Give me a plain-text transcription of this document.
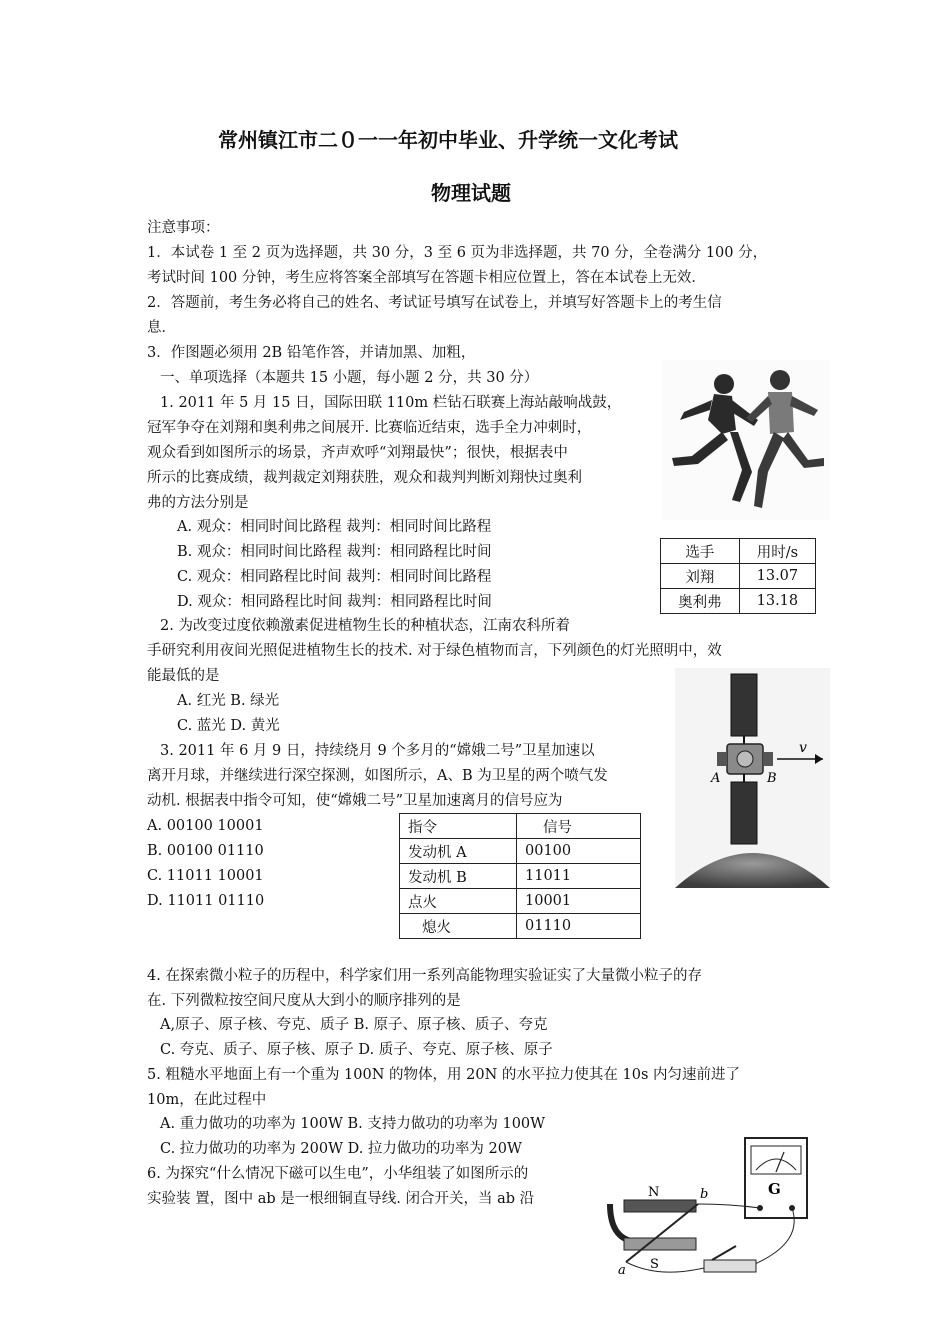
常州镇江市二０一一年初中毕业、升学统一文化考试
物理试题
注意事项：
1．本试卷 1 至 2 页为选择题，共 30 分，3 至 6 页为非选择题，共 70 分，全卷满分 100 分，
考试时间 100 分钟，考生应将答案全部填写在答题卡相应位置上，答在本试卷上无效．
2．答题前，考生务必将自己的姓名、考试证号填写在试卷上，并填写好答题卡上的考生信
息．
3．作图题必须用 2B 铅笔作答，并请加黑、加粗，
一、单项选择（本题共 15 小题，每小题 2 分，共 30 分）
1. 2011 年 5 月 15 日，国际田联 110m 栏钻石联赛上海站敲响战鼓，
冠军争夺在刘翔和奥利弗之间展开. 比赛临近结束，选手全力冲刺时，
观众看到如图所示的场景，齐声欢呼“刘翔最快”；很快，根据表中
所示的比赛成绩，裁判裁定刘翔获胜，观众和裁判判断刘翔快过奥利
弗的方法分别是
A. 观众：相同时间比路程 裁判：相同时间比路程
B. 观众：相同时间比路程 裁判：相同路程比时间
C. 观众：相同路程比时间 裁判：相同时间比路程
D. 观众：相同路程比时间 裁判：相同路程比时间
选手	用时/s
刘翔	13.07
奥利弗	13.18
2. 为改变过度依赖激素促进植物生长的种植状态，江南农科所着
手研究利用夜间光照促进植物生长的技术. 对于绿色植物而言，下列颜色的灯光照明中，效
能最低的是
A. 红光 B. 绿光
C. 蓝光 D. 黄光
3. 2011 年 6 月 9 日，持续绕月 9 个多月的“嫦娥二号”卫星加速以
离开月球，并继续进行深空探测，如图所示，A、B 为卫星的两个喷气发
动机. 根据表中指令可知，使“嫦娥二号”卫星加速离月的信号应为
A. 00100 10001
B. 00100 01110
C. 11011 10001
D. 11011 01110
指令	信号
发动机 A	00100
发动机 B	11011
点火	10001
熄火	01110
v
A	B
4. 在探索微小粒子的历程中，科学家们用一系列高能物理实验证实了大量微小粒子的存
在. 下列微粒按空间尺度从大到小的顺序排列的是
A,原子、原子核、夸克、质子 B. 原子、原子核、质子、夸克
C. 夸克、质子、原子核、原子 D. 质子、夸克、原子核、原子
5. 粗糙水平地面上有一个重为 100N 的物体，用 20N 的水平拉力使其在 10s 内匀速前进了
10m，在此过程中
A. 重力做功的功率为 100W B. 支持力做功的功率为 100W
C. 拉力做功的功率为 200W D. 拉力做功的功率为 20W
6. 为探究“什么情况下磁可以生电”，小华组装了如图所示的
实验装 置，图中 ab 是一根细铜直导线. 闭合开关，当 ab 沿
G
N
S
a
b
